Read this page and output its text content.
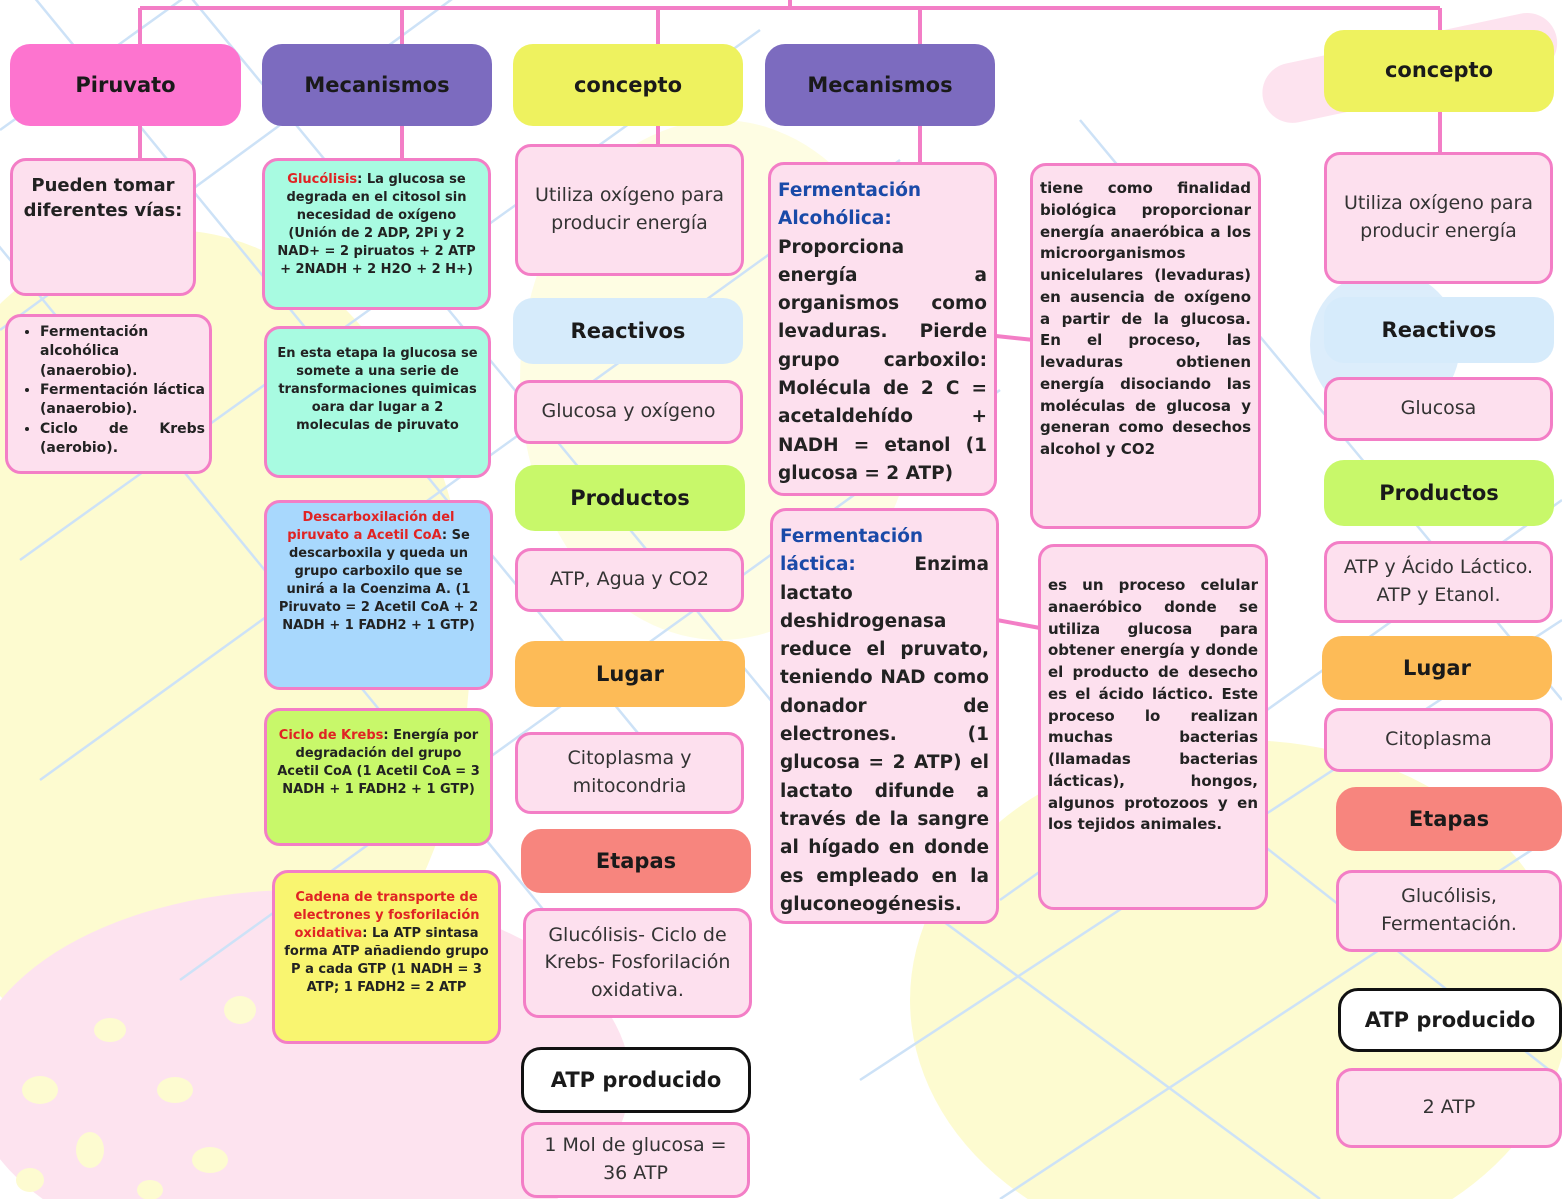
Piruvato
Pueden tomar diferentes vías:
• Fermentación alcohólica (anaerobio).
• Fermentación láctica (anaerobio).
• Ciclo de Krebs (aerobio).
Mecanismos
Glucólisis: La glucosa se degrada en el citosol sin necesidad de oxígeno (Unión de 2 ADP, 2Pi y 2 NAD+ = 2 piruatos + 2 ATP + 2NADH + 2 H2O + 2 H+)
En esta etapa la glucosa se somete a una serie de transformaciones quimicas oara dar lugar a 2 moleculas de piruvato
Descarboxilación del piruvato a Acetil CoA: Se descarboxila y queda un grupo carboxilo que se unirá a la Coenzima A. (1 Piruvato = 2 Acetil CoA + 2 NADH + 1 FADH2 + 1 GTP)
Ciclo de Krebs: Energía por degradación del grupo Acetil CoA (1 Acetil CoA = 3 NADH + 1 FADH2 + 1 GTP)
Cadena de transporte de electrones y fosforilación oxidativa: La ATP sintasa forma ATP añadiendo grupo P a cada GTP (1 NADH = 3 ATP; 1 FADH2 = 2 ATP
concepto
Utiliza oxígeno para producir energía
Reactivos
Glucosa y oxígeno
Productos
ATP, Agua y CO2
Lugar
Citoplasma y mitocondria
Etapas
Glucólisis- Ciclo de Krebs- Fosforilación oxidativa.
ATP producido
1 Mol de glucosa = 36 ATP
Mecanismos
Fermentación Alcohólica:
Proporciona energía a organismos como levaduras. Pierde grupo carboxilo: Molécula de 2 C = acetaldehído + NADH = etanol (1 glucosa = 2 ATP)
Fermentación láctica: Enzima lactato deshidrogenasa reduce el pruvato, teniendo NAD como donador de electrones. (1 glucosa = 2 ATP) el lactato difunde a través de la sangre al hígado en donde es empleado en la gluconeogénesis.
tiene como finalidad biológica proporcionar energía anaeróbica a los microorganismos unicelulares (levaduras) en ausencia de oxígeno a partir de la glucosa. En el proceso, las levaduras obtienen energía disociando las moléculas de glucosa y generan como desechos alcohol y CO2
es un proceso celular anaeróbico donde se utiliza glucosa para obtener energía y donde el producto de desecho es el ácido láctico. Este proceso lo realizan muchas bacterias (llamadas bacterias lácticas), hongos, algunos protozoos y en los tejidos animales.
concepto
Utiliza oxígeno para producir energía
Reactivos
Glucosa
Productos
ATP y Ácido Láctico. ATP y Etanol.
Lugar
Citoplasma
Etapas
Glucólisis, Fermentación.
ATP producido
2 ATP
